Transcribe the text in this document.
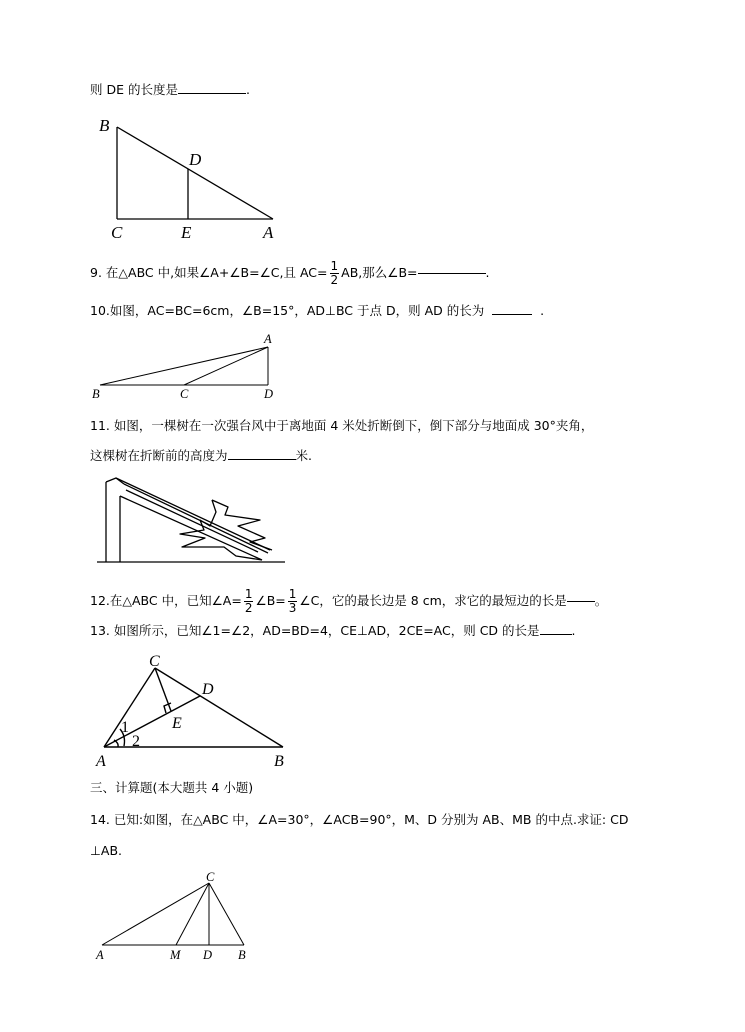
则 DE 的长度是	.
B
D
C	E	A
9. 在△ABC 中,如果∠A+∠B=∠C,且 $AC= \frac{1}{2}$ AB,那么∠B=	.
10.如图，AC=BC=6cm，∠B=15°，AD⊥BC 于点 D，则 AD 的长为	.
A
B	C	D
11. 如图，一棵树在一次强台风中于离地面 4 米处折断倒下，倒下部分与地面成 30°夹角，
这棵树在折断前的高度为	米.
12.在△ABC 中，已知∠A= $\frac{1}{2}$ ∠B= $\frac{1}{3}$ ∠C，它的最长边是 8 cm，求它的最短边的长是 。
13. 如图所示，已知∠1=∠2，AD=BD=4，CE⊥AD，2CE=AC，则 CD 的长是	.
C
D
E
A	B
1
2
三、计算题(本大题共 4 小题)
14. 已知:如图，在△ABC 中，∠A=30°，∠ACB=90°，M、D 分别为 AB、MB 的中点.求证: CD
⊥AB.
C
A	M D B
